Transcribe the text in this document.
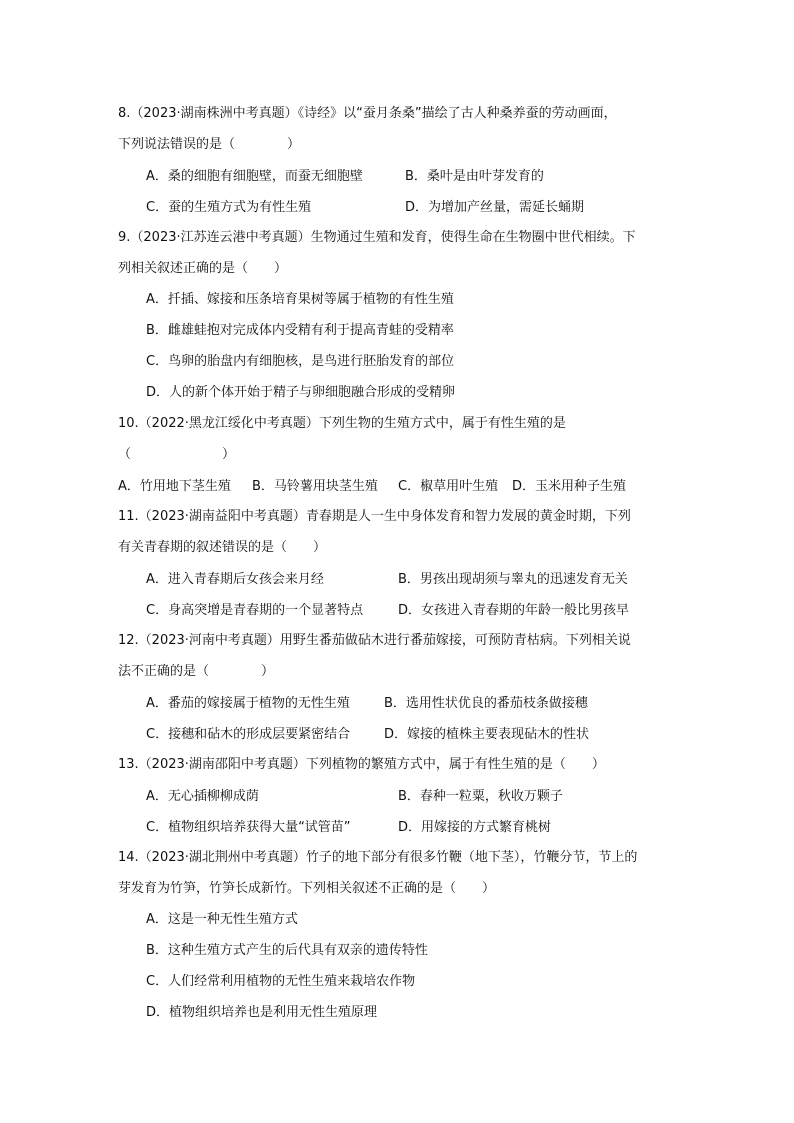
8.（2023·湖南株洲中考真题）《诗经》以“蚕月条桑”描绘了古人种桑养蚕的劳动画面，
下列说法错误的是（　　　　）
A．桑的细胞有细胞壁，而蚕无细胞壁	B．桑叶是由叶芽发育的
C．蚕的生殖方式为有性生殖	D．为增加产丝量，需延长蛹期
9.（2023·江苏连云港中考真题）生物通过生殖和发育，使得生命在生物圈中世代相续。下
列相关叙述正确的是（　　）
A．扦插、嫁接和压条培育果树等属于植物的有性生殖
B．雌雄蛙抱对完成体内受精有利于提高青蛙的受精率
C．鸟卵的胎盘内有细胞核，是鸟进行胚胎发育的部位
D．人的新个体开始于精子与卵细胞融合形成的受精卵
10.（2022·黑龙江绥化中考真题）下列生物的生殖方式中，属于有性生殖的是
（　　　　　　　）
A．竹用地下茎生殖 B．马铃薯用块茎生殖 C．椒草用叶生殖 D．玉米用种子生殖
11.（2023·湖南益阳中考真题）青春期是人一生中身体发育和智力发展的黄金时期，下列
有关青春期的叙述错误的是（　　）
A．进入青春期后女孩会来月经	B．男孩出现胡须与睾丸的迅速发育无关
C．身高突增是青春期的一个显著特点	D．女孩进入青春期的年龄一般比男孩早
12.（2023·河南中考真题）用野生番茄做砧木进行番茄嫁接，可预防青枯病。下列相关说
法不正确的是（　　　　）
A．番茄的嫁接属于植物的无性生殖	B．选用性状优良的番茄枝条做接穗
C．接穗和砧木的形成层要紧密结合	D．嫁接的植株主要表现砧木的性状
13.（2023·湖南邵阳中考真题）下列植物的繁殖方式中，属于有性生殖的是（　　）
A．无心插柳柳成荫	B．春种一粒粟，秋收万颗子
C．植物组织培养获得大量“试管苗”	D．用嫁接的方式繁育桃树
14.（2023·湖北荆州中考真题）竹子的地下部分有很多竹鞭（地下茎），竹鞭分节，节上的
芽发育为竹笋，竹笋长成新竹。下列相关叙述不正确的是（　　）
A．这是一种无性生殖方式
B．这种生殖方式产生的后代具有双亲的遗传特性
C．人们经常利用植物的无性生殖来栽培农作物
D．植物组织培养也是利用无性生殖原理
